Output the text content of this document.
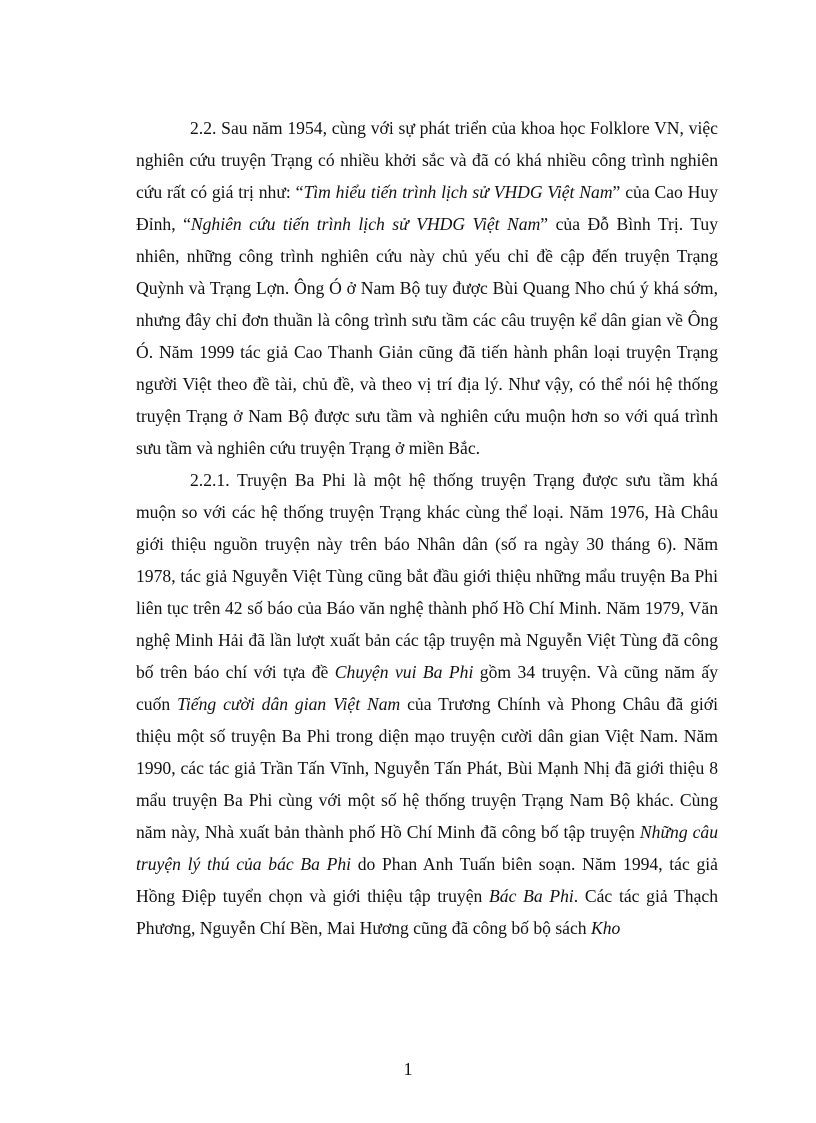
2.2. Sau năm 1954, cùng với sự phát triển của khoa học Folklore VN, việc nghiên cứu truyện Trạng có nhiều khởi sắc và đã có khá nhiều công trình nghiên cứu rất có giá trị như: “Tìm hiểu tiến trình lịch sử VHDG Việt Nam” của Cao Huy Đỉnh, “Nghiên cứu tiến trình lịch sử VHDG Việt Nam” của Đỗ Bình Trị. Tuy nhiên, những công trình nghiên cứu này chủ yếu chỉ đề cập đến truyện Trạng Quỳnh và Trạng Lợn. Ông Ó ở Nam Bộ tuy được Bùi Quang Nho chú ý khá sớm, nhưng đây chỉ đơn thuần là công trình sưu tầm các câu truyện kể dân gian về Ông Ó. Năm 1999 tác giả Cao Thanh Giản cũng đã tiến hành phân loại truyện Trạng người Việt theo đề tài, chủ đề, và theo vị trí địa lý. Như vậy, có thể nói hệ thống truyện Trạng ở Nam Bộ được sưu tầm và nghiên cứu muộn hơn so với quá trình sưu tầm và nghiên cứu truyện Trạng ở miền Bắc.

2.2.1. Truyện Ba Phi là một hệ thống truyện Trạng được sưu tầm khá muộn so với các hệ thống truyện Trạng khác cùng thể loại. Năm 1976, Hà Châu giới thiệu nguồn truyện này trên báo Nhân dân (số ra ngày 30 tháng 6). Năm 1978, tác giả Nguyễn Việt Tùng cũng bắt đầu giới thiệu những mẩu truyện Ba Phi liên tục trên 42 số báo của Báo văn nghệ thành phố Hồ Chí Minh. Năm 1979, Văn nghệ Minh Hải đã lần lượt xuất bản các tập truyện mà Nguyễn Việt Tùng đã công bố trên báo chí với tựa đề Chuyện vui Ba Phi gồm 34 truyện. Và cũng năm ấy cuốn Tiếng cười dân gian Việt Nam của Trương Chính và Phong Châu đã giới thiệu một số truyện Ba Phi trong diện mạo truyện cười dân gian Việt Nam. Năm 1990, các tác giả Trần Tấn Vĩnh, Nguyễn Tấn Phát, Bùi Mạnh Nhị đã giới thiệu 8 mẩu truyện Ba Phi cùng với một số hệ thống truyện Trạng Nam Bộ khác. Cùng năm này, Nhà xuất bản thành phố Hồ Chí Minh đã công bố tập truyện Những câu truyện lý thú của bác Ba Phi do Phan Anh Tuấn biên soạn. Năm 1994, tác giả Hồng Điệp tuyển chọn và giới thiệu tập truyện Bác Ba Phi. Các tác giả Thạch Phương, Nguyễn Chí Bền, Mai Hương cũng đã công bố bộ sách Kho

1
